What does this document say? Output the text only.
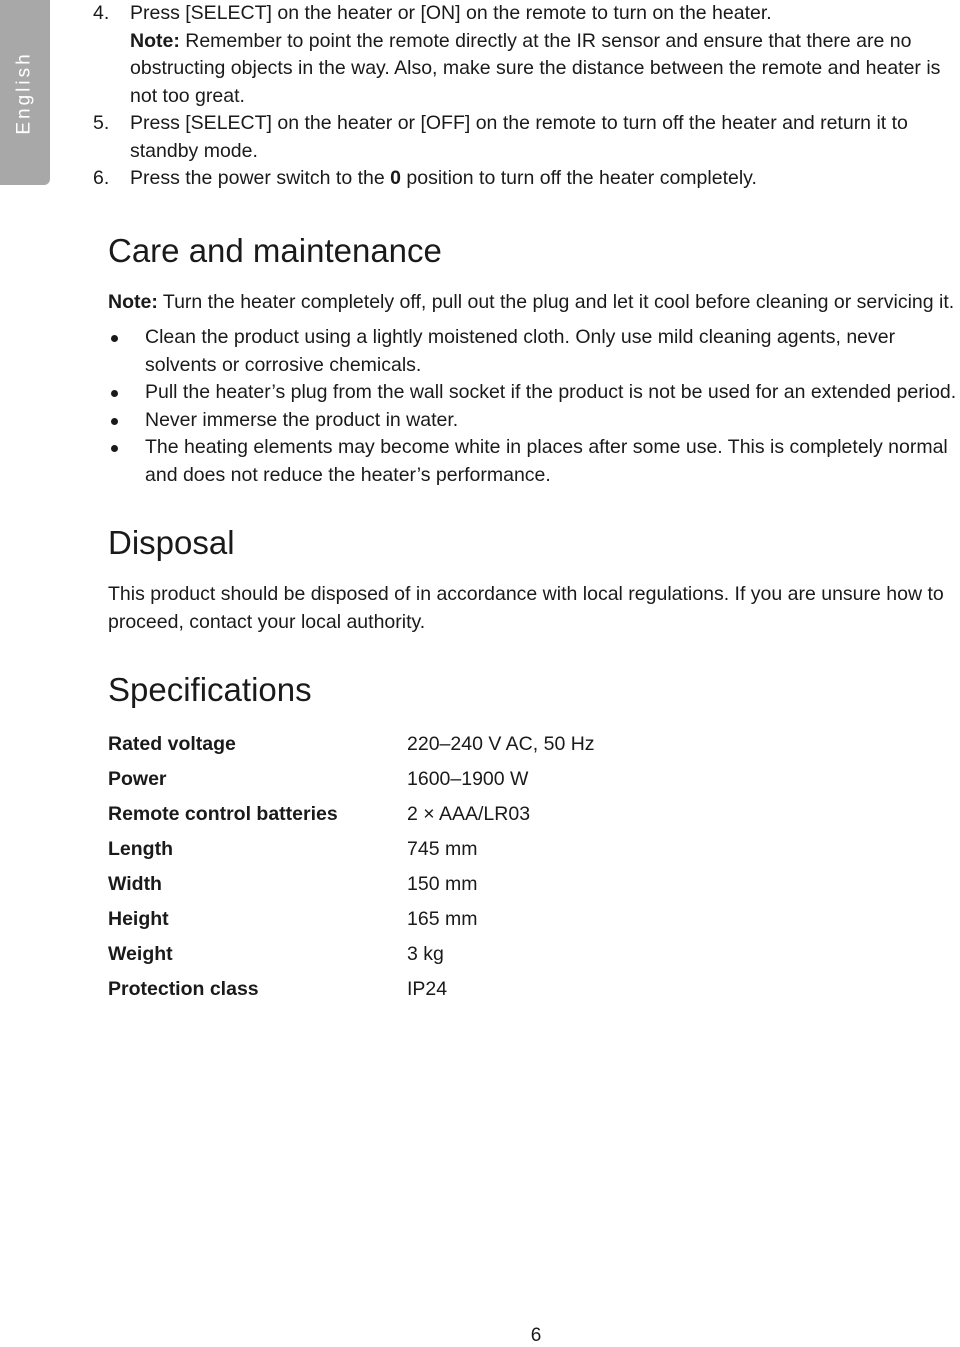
English
4.	Press [SELECT] on the heater or [ON] on the remote to turn on the heater.
Note: Remember to point the remote directly at the IR sensor and ensure that there are no obstructing objects in the way. Also, make sure the distance between the remote and heater is not too great.
5.	Press [SELECT] on the heater or [OFF] on the remote to turn off the heater and return it to standby mode.
6.	Press the power switch to the 0 position to turn off the heater completely.
Care and maintenance

Note: Turn the heater completely off, pull out the plug and let it cool before cleaning or servicing it.

Clean the product using a lightly moistened cloth. Only use mild cleaning agents, never solvents or corrosive chemicals.
Pull the heater’s plug from the wall socket if the product is not be used for an extended period.
Never immerse the product in water.
The heating elements may become white in places after some use. This is completely normal and does not reduce the heater’s performance.
Disposal

This product should be disposed of in accordance with local regulations. If you are unsure how to proceed, contact your local authority.

Specifications
Rated voltage	220–240 V AC, 50 Hz
Power	1600–1900 W
Remote control batteries	2 × AAA/LR03
Length	745 mm
Width	150 mm
Height	165 mm
Weight	3 kg
Protection class	IP24
6
